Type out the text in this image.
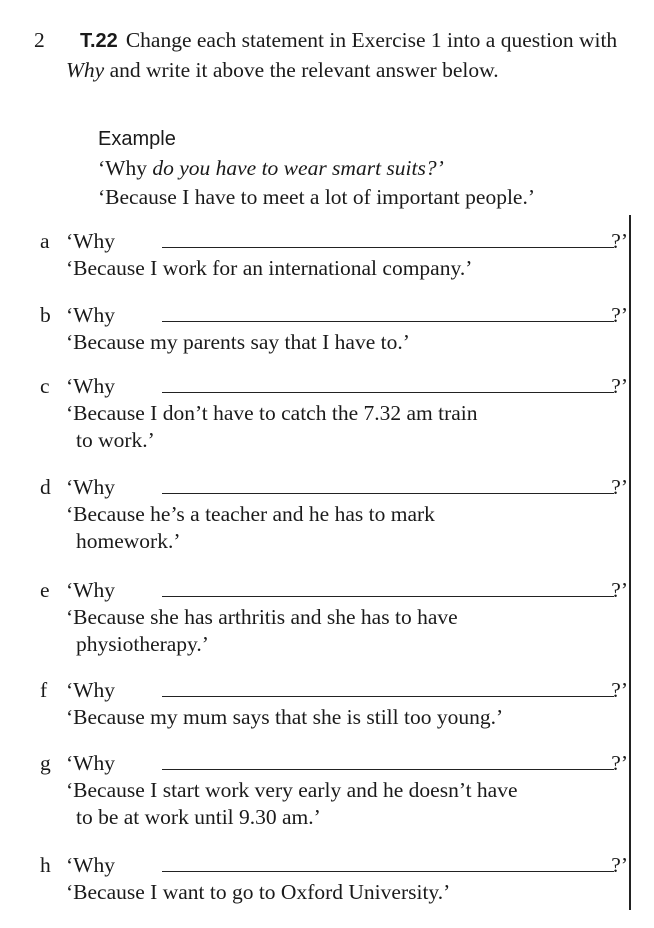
2	T.22 Change each statement in Exercise 1 into a question with Why and write it above the relevant answer below.
Example
‘Why do you have to wear smart suits?’
‘Because I have to meet a lot of important people.’
a ‘Why	?’
‘Because I work for an international company.’
b ‘Why	?’
‘Because my parents say that I have to.’
c ‘Why	?’
‘Because I don’t have to catch the 7.32 am train
to work.’
d ‘Why	?’
‘Because he’s a teacher and he has to mark
homework.’
e ‘Why	?’
‘Because she has arthritis and she has to have
physiotherapy.’
f ‘Why	?’
‘Because my mum says that she is still too young.’
g ‘Why	?’
‘Because I start work very early and he doesn’t have
to be at work until 9.30 am.’
h ‘Why	?’
‘Because I want to go to Oxford University.’
